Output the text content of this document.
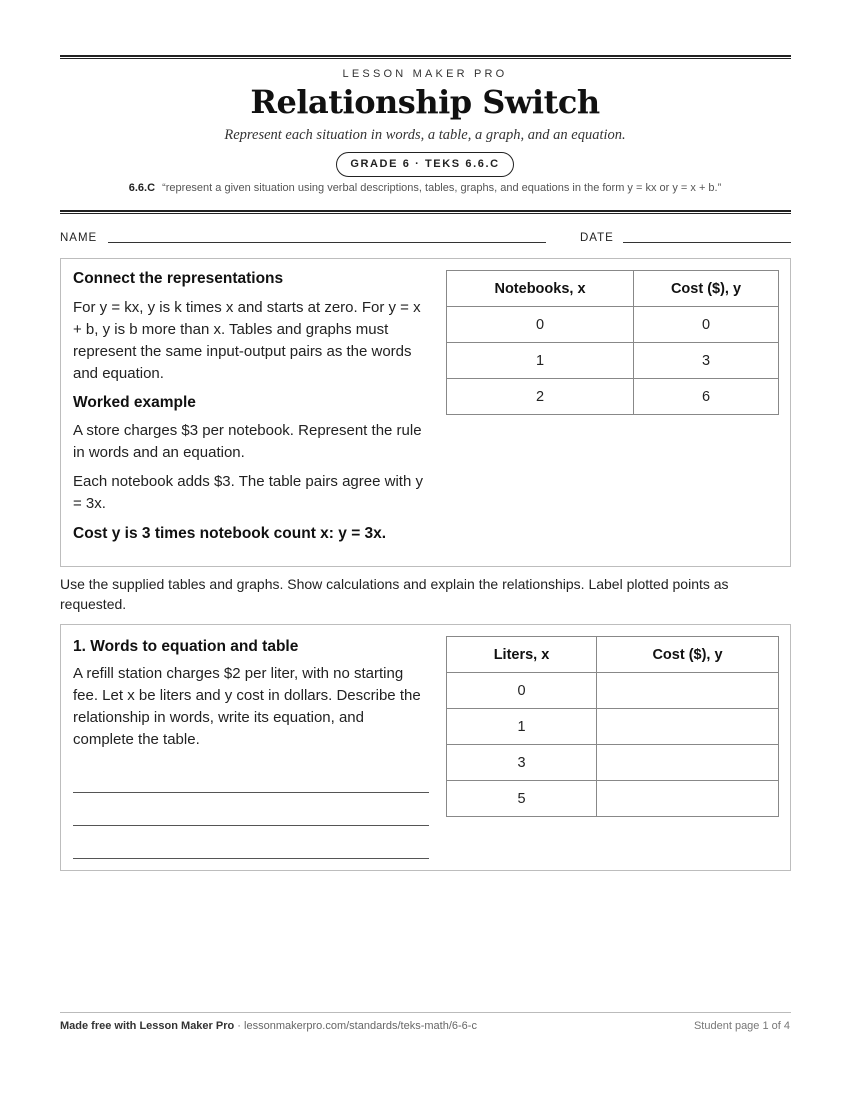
LESSON MAKER PRO
Relationship Switch
Represent each situation in words, a table, a graph, and an equation.
GRADE 6 · TEKS 6.6.C
6.6.C “represent a given situation using verbal descriptions, tables, graphs, and equations in the form y = kx or y = x + b.”
NAME	DATE
Connect the representations
For y = kx, y is k times x and starts at zero. For y = x + b, y is b more than x. Tables and graphs must represent the same input-output pairs as the words and equation.
Worked example
A store charges $3 per notebook. Represent the rule in words and an equation.
Each notebook adds $3. The table pairs agree with y = 3x.
Cost y is 3 times notebook count x: y = 3x.
Notebooks, x	Cost ($), y
0	0
1	3
2	6
Use the supplied tables and graphs. Show calculations and explain the relationships. Label plotted points as requested.
1. Words to equation and table
A refill station charges $2 per liter, with no starting fee. Let x be liters and y cost in dollars. Describe the relationship in words, write its equation, and complete the table.
Liters, x	Cost ($), y
0	
1	
3	
5	
Made free with Lesson Maker Pro · lessonmakerpro.com/standards/teks-math/6-6-c	Student page 1 of 4
